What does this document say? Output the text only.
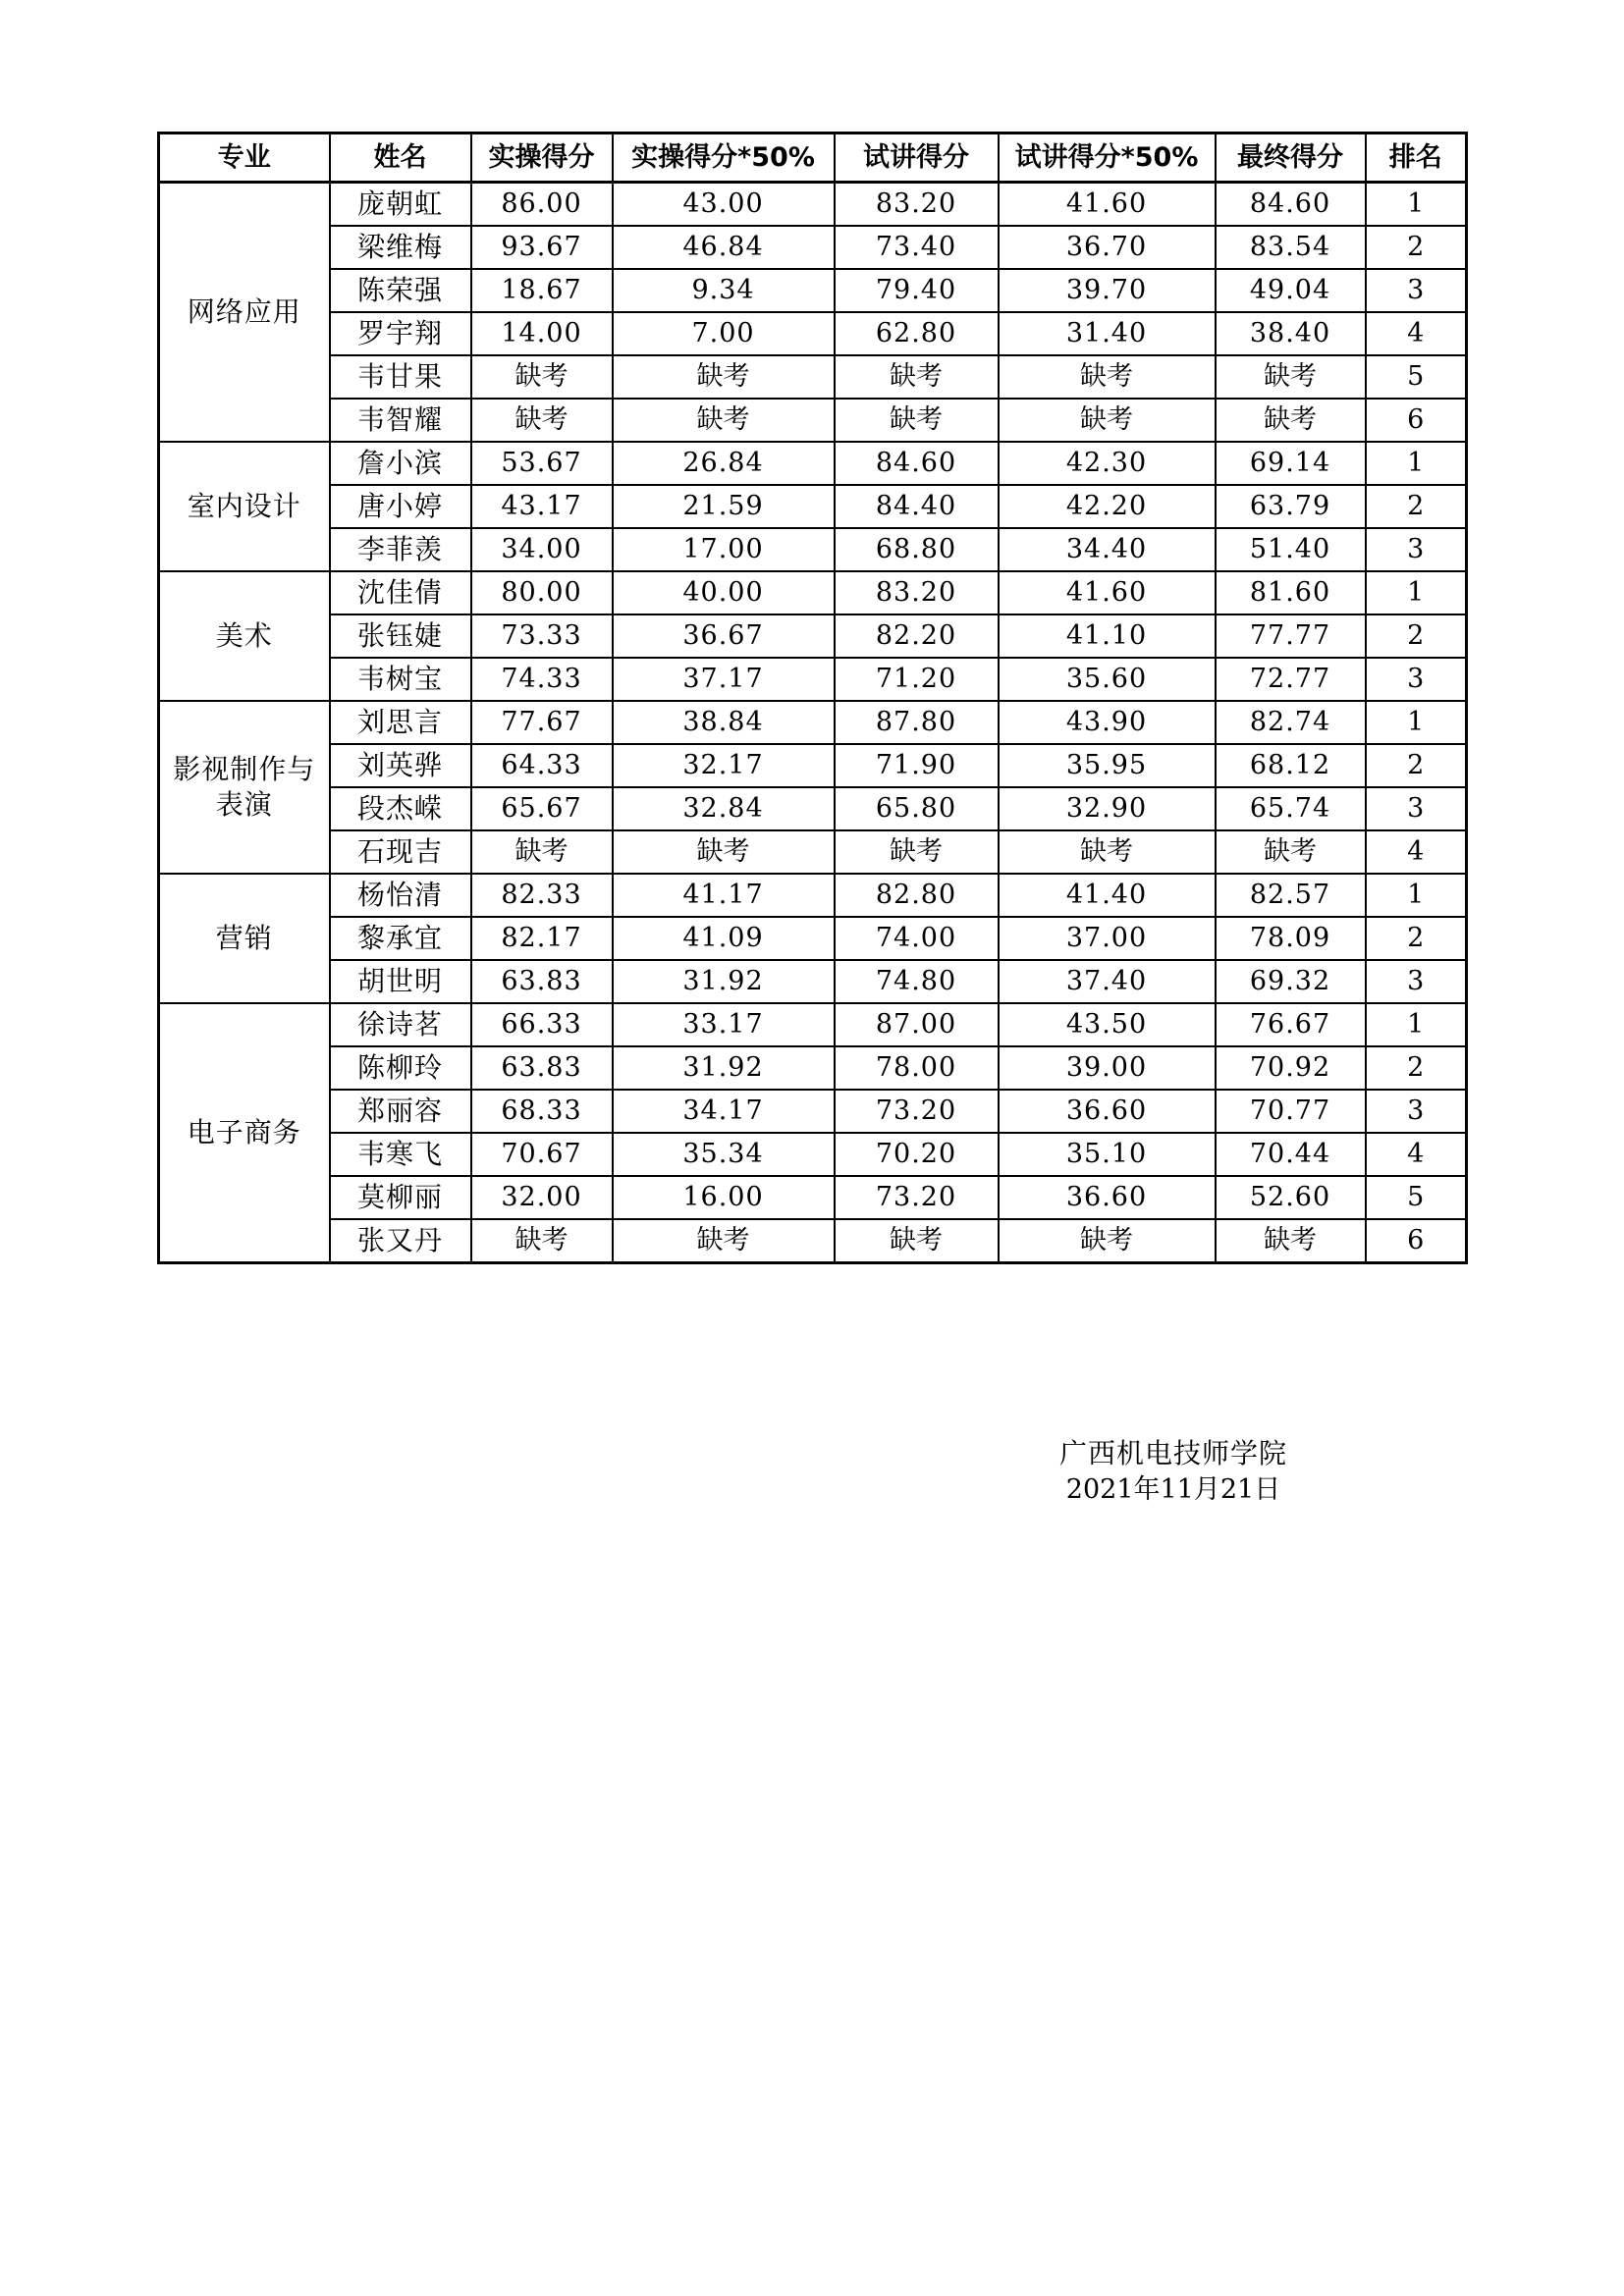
专业	姓名	实操得分	实操得分*50%	试讲得分	试讲得分*50%	最终得分	排名
网络应用	庞朝虹	86.00	43.00	83.20	41.60	84.60	1
	梁维梅	93.67	46.84	73.40	36.70	83.54	2
	陈荣强	18.67	9.34	79.40	39.70	49.04	3
	罗宇翔	14.00	7.00	62.80	31.40	38.40	4
	韦甘果	缺考	缺考	缺考	缺考	缺考	5
	韦智耀	缺考	缺考	缺考	缺考	缺考	6
室内设计	詹小滨	53.67	26.84	84.60	42.30	69.14	1
	唐小婷	43.17	21.59	84.40	42.20	63.79	2
	李菲羡	34.00	17.00	68.80	34.40	51.40	3
美术	沈佳倩	80.00	40.00	83.20	41.60	81.60	1
	张钰婕	73.33	36.67	82.20	41.10	77.77	2
	韦树宝	74.33	37.17	71.20	35.60	72.77	3
影视制作与表演	刘思言	77.67	38.84	87.80	43.90	82.74	1
	刘英骅	64.33	32.17	71.90	35.95	68.12	2
	段杰嵘	65.67	32.84	65.80	32.90	65.74	3
	石现吉	缺考	缺考	缺考	缺考	缺考	4
营销	杨怡清	82.33	41.17	82.80	41.40	82.57	1
	黎承宜	82.17	41.09	74.00	37.00	78.09	2
	胡世明	63.83	31.92	74.80	37.40	69.32	3
电子商务	徐诗茗	66.33	33.17	87.00	43.50	76.67	1
	陈柳玲	63.83	31.92	78.00	39.00	70.92	2
	郑丽容	68.33	34.17	73.20	36.60	70.77	3
	韦寒飞	70.67	35.34	70.20	35.10	70.44	4
	莫柳丽	32.00	16.00	73.20	36.60	52.60	5
	张又丹	缺考	缺考	缺考	缺考	缺考	6
广西机电技师学院
2021年11月21日
